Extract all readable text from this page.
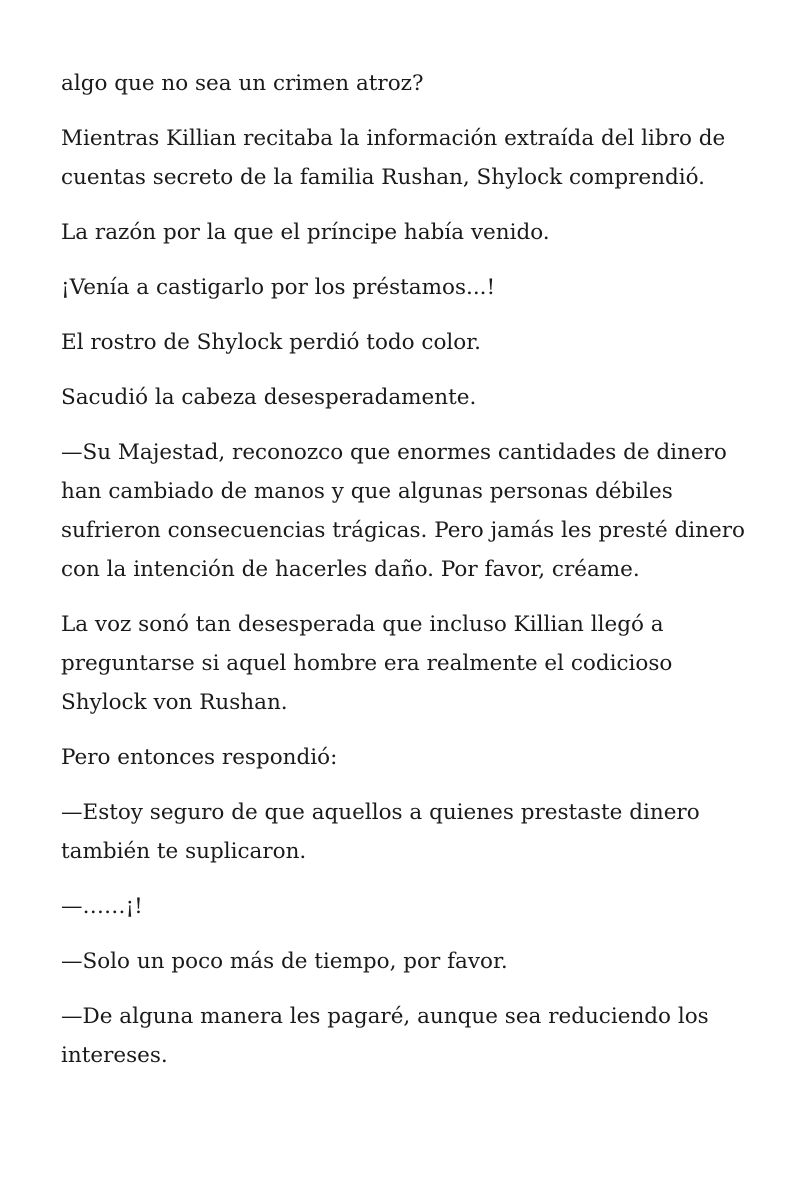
algo que no sea un crimen atroz?

Mientras Killian recitaba la información extraída del libro de cuentas secreto de la familia Rushan, Shylock comprendió.

La razón por la que el príncipe había venido.

¡Venía a castigarlo por los préstamos...!

El rostro de Shylock perdió todo color.

Sacudió la cabeza desesperadamente.

—Su Majestad, reconozco que enormes cantidades de dinero han cambiado de manos y que algunas personas débiles sufrieron consecuencias trágicas. Pero jamás les presté dinero con la intención de hacerles daño. Por favor, créame.

La voz sonó tan desesperada que incluso Killian llegó a preguntarse si aquel hombre era realmente el codicioso Shylock von Rushan.

Pero entonces respondió:

—Estoy seguro de que aquellos a quienes prestaste dinero también te suplicaron.

—……¡!

—Solo un poco más de tiempo, por favor.

—De alguna manera les pagaré, aunque sea reduciendo los intereses.
